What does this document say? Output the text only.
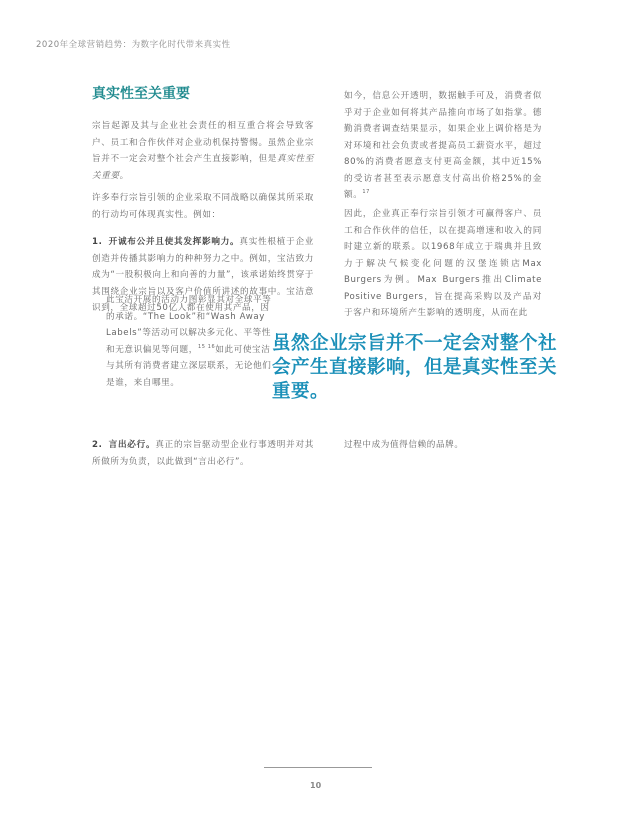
2020年全球营销趋势：为数字化时代带来真实性
真实性至关重要
宗旨起源及其与企业社会责任的相互重合将会导致客户、员工和合作伙伴对企业动机保持警惕。虽然企业宗旨并不一定会对整个社会产生直接影响，但是真实性至关重要。
许多奉行宗旨引领的企业采取不同战略以确保其所采取的行动均可体现真实性。例如：
1. 开诚布公并且使其发挥影响力。真实性根植于企业创造并传播其影响力的种种努力之中。例如，宝洁致力成为“一股积极向上和向善的力量”，该承诺始终贯穿于其围绕企业宗旨以及客户价值所讲述的故事中。宝洁意识到，全球超过50亿人都在使用其产品，因
此宝洁开展的活动力图彰显其对全球平等的承诺。“The Look”和“Wash Away Labels”等活动可以解决多元化、平等性和无意识偏见等问题，$^{15 16}$如此可使宝洁与其所有消费者建立深层联系，无论他们是谁，来自哪里。
2. 言出必行。真正的宗旨驱动型企业行事透明并对其所做所为负责，以此做到“言出必行”。
如今，信息公开透明，数据触手可及，消费者似乎对于企业如何将其产品推向市场了如指掌。德勤消费者调查结果显示，如果企业上调价格是为对环境和社会负责或者提高员工薪资水平，超过80%的消费者愿意支付更高金额，其中近15%的受访者甚至表示愿意支付高出价格25%的金额。$^{17}$
因此，企业真正奉行宗旨引领才可赢得客户、员工和合作伙伴的信任，以在提高增速和收入的同时建立新的联系。以1968年成立于瑞典并且致力于解决气候变化问题的汉堡连锁店Max Burgers为例。Max Burgers推出Climate Positive Burgers，旨在提高采购以及产品对于客户和环境所产生影响的透明度，从而在此
过程中成为值得信赖的品牌。
虽然企业宗旨并不一定会对整个社会产生直接影响，但是真实性至关重要。
10
